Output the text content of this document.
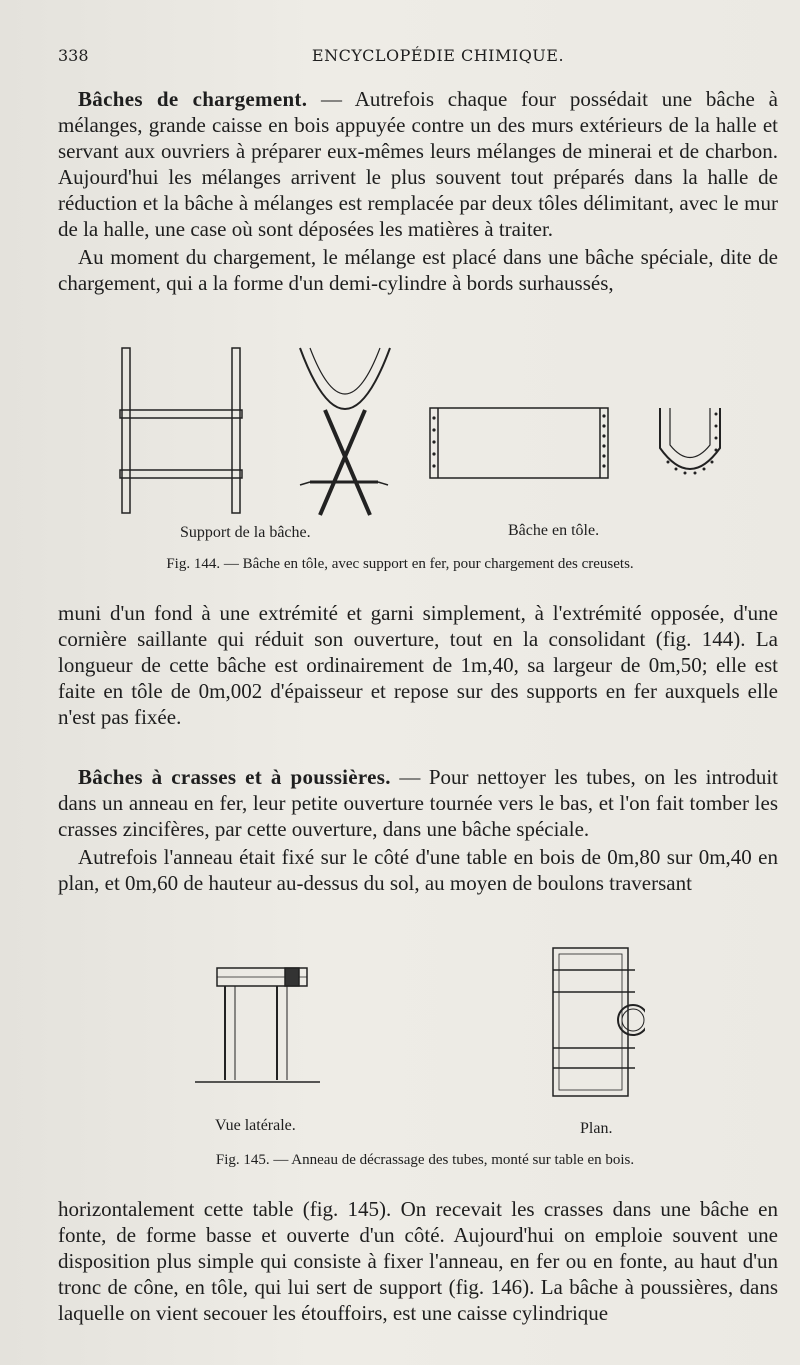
338	ENCYCLOPÉDIE CHIMIQUE.

Bâches de chargement. — Autrefois chaque four possédait une bâche à mélanges, grande caisse en bois appuyée contre un des murs extérieurs de la halle et servant aux ouvriers à préparer eux-mêmes leurs mélanges de minerai et de charbon. Aujourd'hui les mélanges arrivent le plus souvent tout préparés dans la halle de réduction et la bâche à mélanges est remplacée par deux tôles délimitant, avec le mur de la halle, une case où sont déposées les matières à traiter.

Au moment du chargement, le mélange est placé dans une bâche spéciale, dite de chargement, qui a la forme d'un demi-cylindre à bords surhaussés,

Support de la bâche.	Bâche en tôle.
Fig. 144. — Bâche en tôle, avec support en fer, pour chargement des creusets.

muni d'un fond à une extrémité et garni simplement, à l'extrémité opposée, d'une cornière saillante qui réduit son ouverture, tout en la consolidant (fig. 144). La longueur de cette bâche est ordinairement de 1m,40, sa largeur de 0m,50; elle est faite en tôle de 0m,002 d'épaisseur et repose sur des supports en fer auxquels elle n'est pas fixée.

Bâches à crasses et à poussières. — Pour nettoyer les tubes, on les introduit dans un anneau en fer, leur petite ouverture tournée vers le bas, et l'on fait tomber les crasses zincifères, par cette ouverture, dans une bâche spéciale.

Autrefois l'anneau était fixé sur le côté d'une table en bois de 0m,80 sur 0m,40 en plan, et 0m,60 de hauteur au-dessus du sol, au moyen de boulons traversant

Vue latérale.	Plan.
Fig. 145. — Anneau de décrassage des tubes, monté sur table en bois.

horizontalement cette table (fig. 145). On recevait les crasses dans une bâche en fonte, de forme basse et ouverte d'un côté. Aujourd'hui on emploie souvent une disposition plus simple qui consiste à fixer l'anneau, en fer ou en fonte, au haut d'un tronc de cône, en tôle, qui lui sert de support (fig. 146). La bâche à poussières, dans laquelle on vient secouer les étouffoirs, est une caisse cylindrique
